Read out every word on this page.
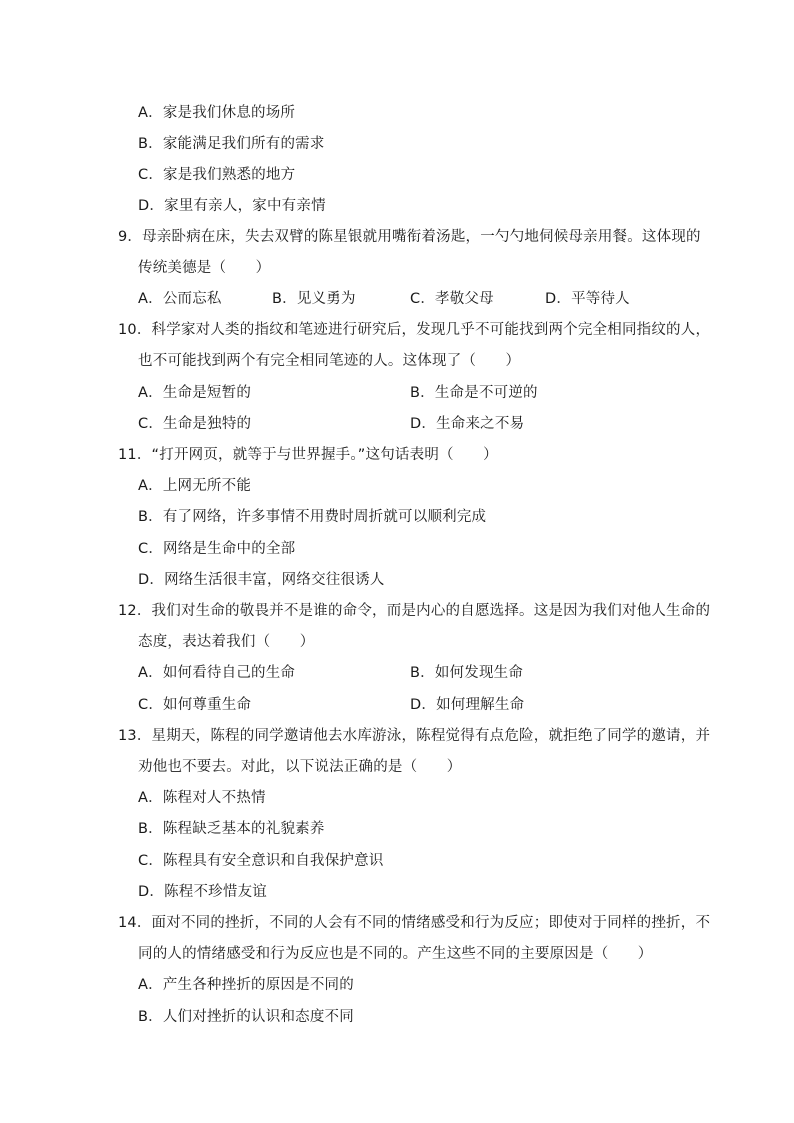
A．家是我们休息的场所
B．家能满足我们所有的需求
C．家是我们熟悉的地方
D．家里有亲人，家中有亲情
9．母亲卧病在床，失去双臂的陈星银就用嘴衔着汤匙，一勺勺地伺候母亲用餐。这体现的
传统美德是（　　）
A．公而忘私	B．见义勇为	C．孝敬父母	D．平等待人
10．科学家对人类的指纹和笔迹进行研究后，发现几乎不可能找到两个完全相同指纹的人，
也不可能找到两个有完全相同笔迹的人。这体现了（　　）
A．生命是短暂的	B．生命是不可逆的
C．生命是独特的	D．生命来之不易
11．“打开网页，就等于与世界握手。”这句话表明（　　）
A．上网无所不能
B．有了网络，许多事情不用费时周折就可以顺利完成
C．网络是生命中的全部
D．网络生活很丰富，网络交往很诱人
12．我们对生命的敬畏并不是谁的命令，而是内心的自愿选择。这是因为我们对他人生命的
态度，表达着我们（　　）
A．如何看待自己的生命	B．如何发现生命
C．如何尊重生命	D．如何理解生命
13．星期天，陈程的同学邀请他去水库游泳，陈程觉得有点危险，就拒绝了同学的邀请，并
劝他也不要去。对此，以下说法正确的是（　　）
A．陈程对人不热情
B．陈程缺乏基本的礼貌素养
C．陈程具有安全意识和自我保护意识
D．陈程不珍惜友谊
14．面对不同的挫折，不同的人会有不同的情绪感受和行为反应；即使对于同样的挫折，不
同的人的情绪感受和行为反应也是不同的。产生这些不同的主要原因是（　　）
A．产生各种挫折的原因是不同的
B．人们对挫折的认识和态度不同
